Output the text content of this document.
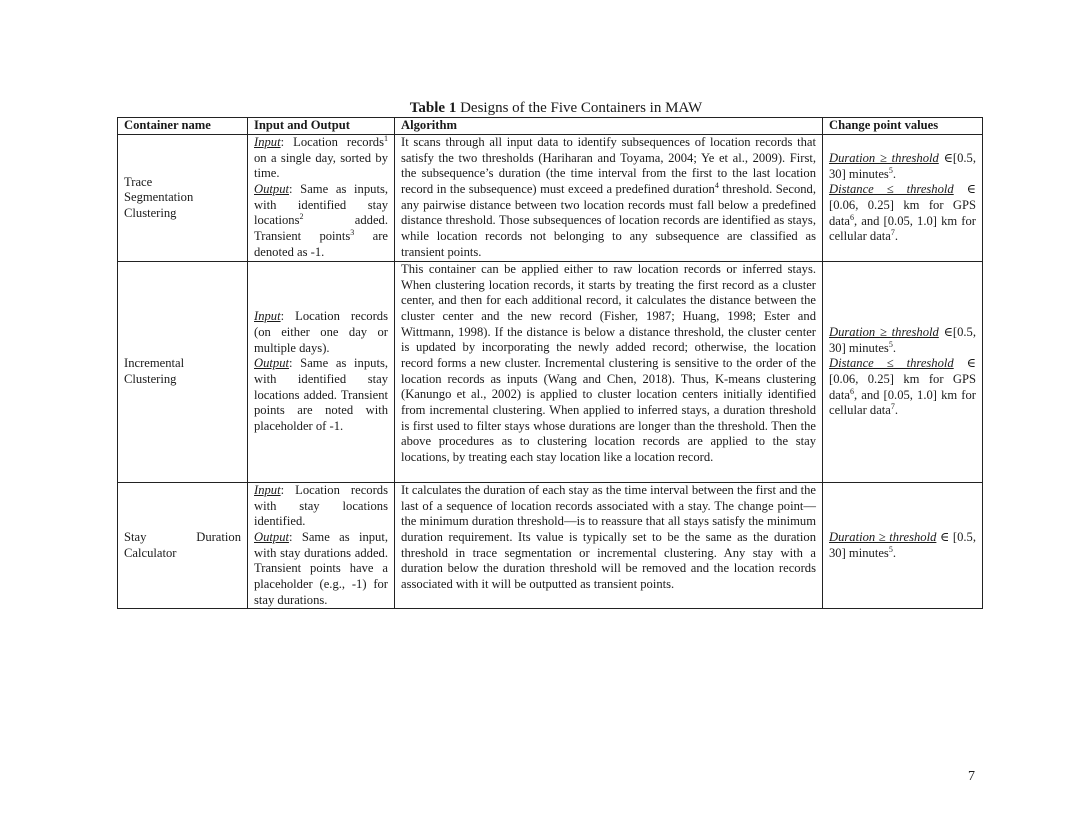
Table 1 Designs of the Five Containers in MAW
Container name	Input and Output	Algorithm	Change point values

Trace Segmentation Clustering	Input: Location records$^1$ on a single day, sorted by time.
Output: Same as inputs, with identified stay locations$^2$ added. Transient points$^3$ are denoted as -1.	It scans through all input data to identify subsequences of location records that satisfy the two thresholds (Hariharan and Toyama, 2004; Ye et al., 2009). First, the subsequence’s duration (the time interval from the first to the last location record in the subsequence) must exceed a predefined duration$^4$ threshold. Second, any pairwise distance between two location records must fall below a predefined distance threshold. Those subsequences of location records are identified as stays, while location records not belonging to any subsequence are classified as transient points.	Duration ≥ threshold ∈[0.5, 30] minutes$^5$.
Distance ≤ threshold ∈ [0.06, 0.25] km for GPS data$^6$, and [0.05, 1.0] km for cellular data$^7$.

Incremental Clustering	Input: Location records (on either one day or multiple days).
Output: Same as inputs, with identified stay locations added. Transient points are noted with placeholder of -1.	This container can be applied either to raw location records or inferred stays. When clustering location records, it starts by treating the first record as a cluster center, and then for each additional record, it calculates the distance between the cluster center and the new record (Fisher, 1987; Huang, 1998; Ester and Wittmann, 1998). If the distance is below a distance threshold, the cluster center is updated by incorporating the newly added record; otherwise, the location record forms a new cluster. Incremental clustering is sensitive to the order of the location records as inputs (Wang and Chen, 2018). Thus, K-means clustering (Kanungo et al., 2002) is applied to cluster location centers initially identified from incremental clustering. When applied to inferred stays, a duration threshold is first used to filter stays whose durations are longer than the threshold. Then the above procedures as to clustering location records are applied to the stay locations, by treating each stay location like a location record.	Duration ≥ threshold ∈[0.5, 30] minutes$^5$.
Distance ≤ threshold ∈ [0.06, 0.25] km for GPS data$^6$, and [0.05, 1.0] km for cellular data$^7$.

Stay Duration Calculator	Input: Location records with stay locations identified.
Output: Same as input, with stay durations added. Transient points have a placeholder (e.g., -1) for stay durations.	It calculates the duration of each stay as the time interval between the first and the last of a sequence of location records associated with a stay. The change point—the minimum duration threshold—is to reassure that all stays satisfy the minimum duration requirement. Its value is typically set to be the same as the duration threshold in trace segmentation or incremental clustering. Any stay with a duration below the duration threshold will be removed and the location records associated with it will be outputted as transient points.	Duration ≥ threshold ∈ [0.5, 30] minutes$^5$.
7
